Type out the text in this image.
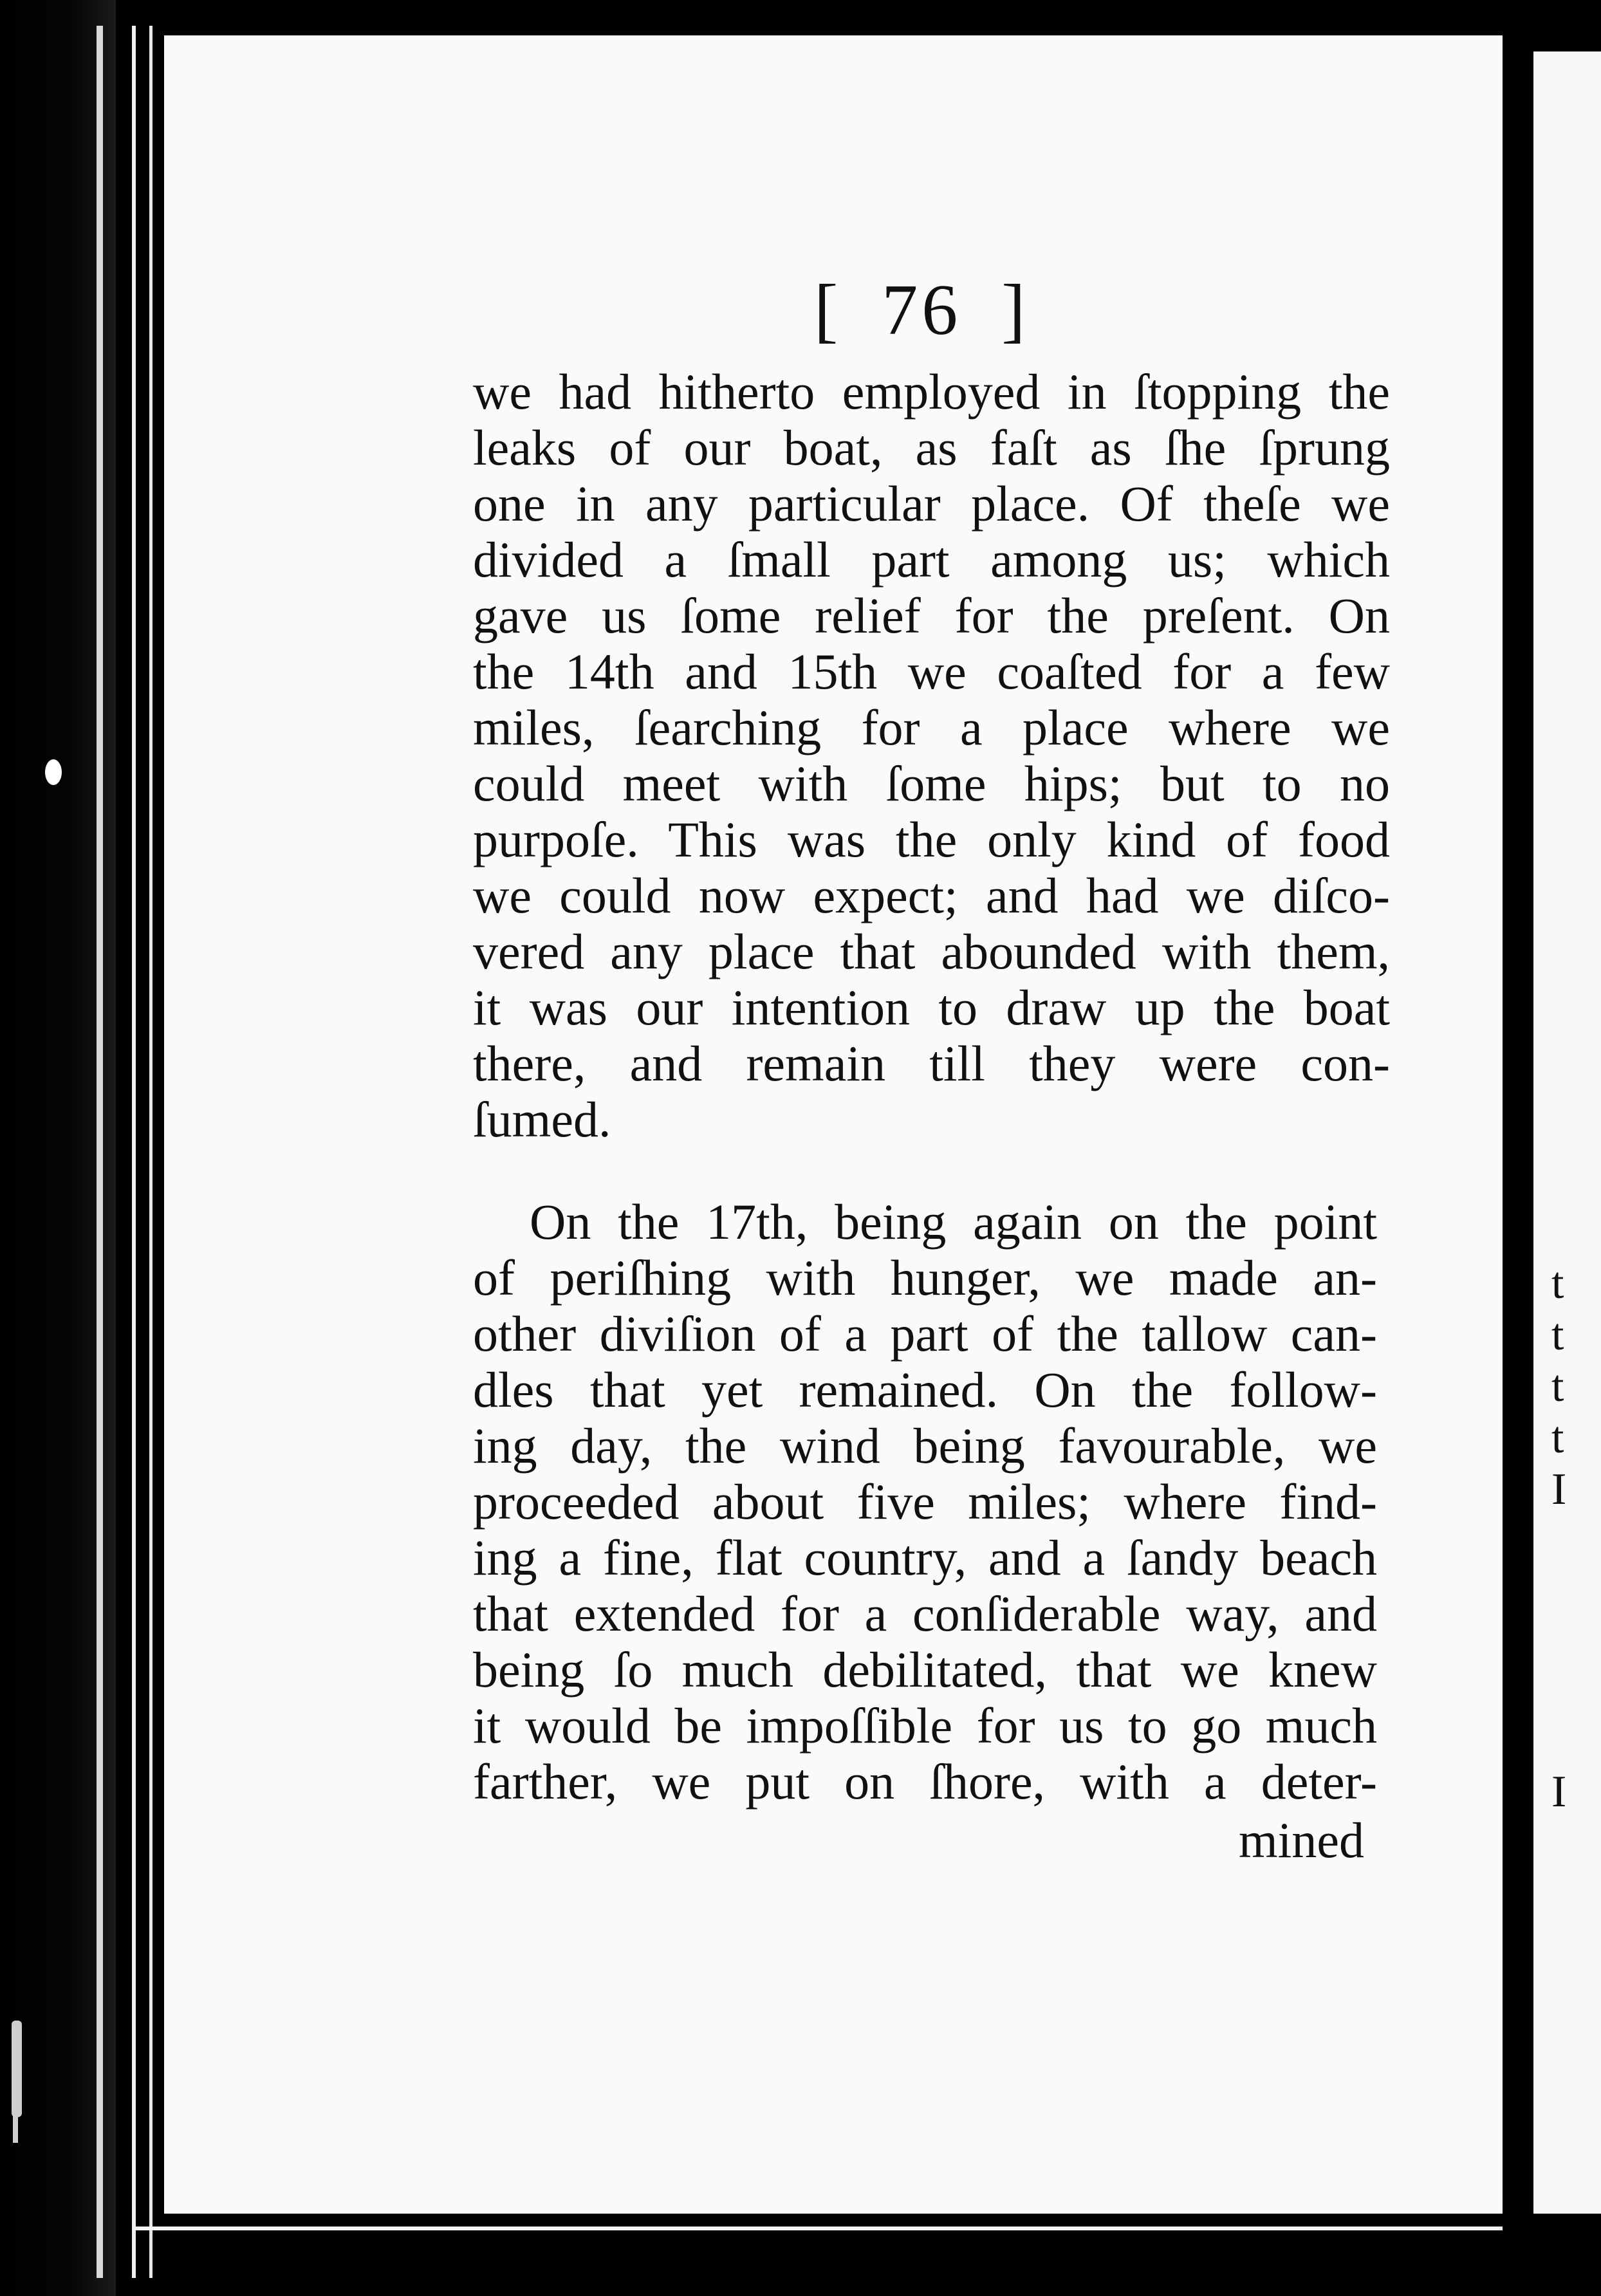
t
t
t
t
I
I
[ 76 ]
we had hitherto employed in ſtopping the
leaks of our boat, as faſt as ſhe ſprung
one in any particular place. Of theſe we
divided a ſmall part among us; which
gave us ſome relief for the preſent. On
the 14th and 15th we coaſted for a few
miles, ſearching for a place where we
could meet with ſome hips; but to no
purpoſe. This was the only kind of food
we could now expect; and had we diſco-
vered any place that abounded with them,
it was our intention to draw up the boat
there, and remain till they were con-
ſumed.
On the 17th, being again on the point
of periſhing with hunger, we made an-
other diviſion of a part of the tallow can-
dles that yet remained. On the follow-
ing day, the wind being favourable, we
proceeded about five miles; where find-
ing a fine, flat country, and a ſandy beach
that extended for a conſiderable way, and
being ſo much debilitated, that we knew
it would be impoſſible for us to go much
farther, we put on ſhore, with a deter-
mined
